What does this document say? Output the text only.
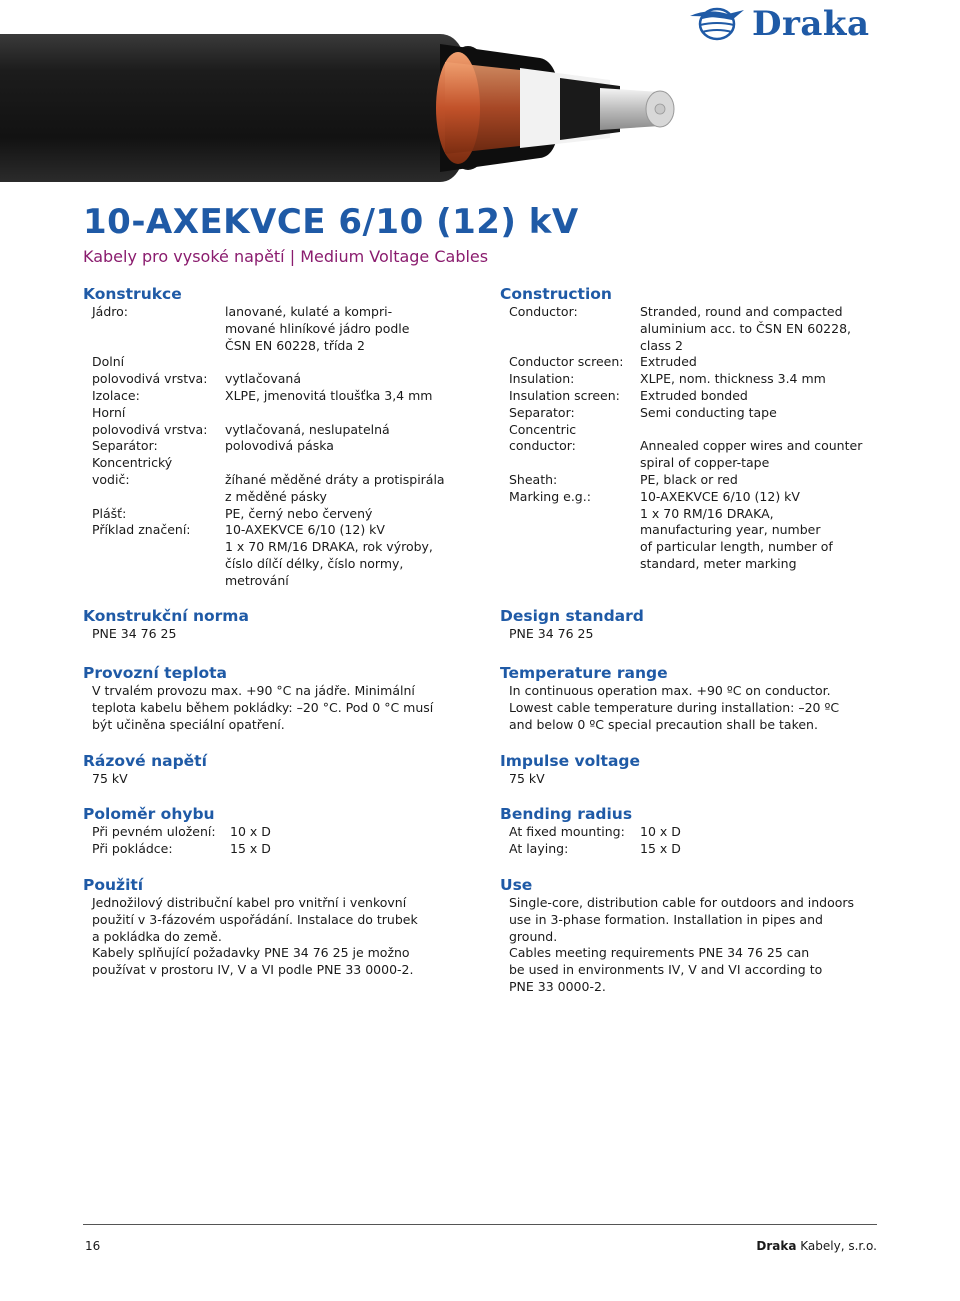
Draka
10-AXEKVCE 6/10 (12) kV
Kabely pro vysoké napětí | Medium Voltage Cables
Konstrukce
Jádro:	lanované, kulaté a kompri-
mované hliníkové jádro podle
ČSN EN 60228, třída 2
Dolní
polovodivá vrstva:	
vytlačovaná
Izolace:	XLPE, jmenovitá tloušťka 3,4 mm
Horní
polovodivá vrstva:	
vytlačovaná, neslupatelná
Separátor:	polovodivá páska
Koncentrický
vodič:	
žíhané měděné dráty a protispirála
z měděné pásky
Plášť:	PE, černý nebo červený
Příklad značení:	10-AXEKVCE 6/10 (12) kV
1 x 70 RM/16 DRAKA, rok výroby,
číslo dílčí délky, číslo normy,
metrování
Konstrukční norma
PNE 34 76 25
Provozní teplota
V trvalém provozu max. +90 °C na jádře. Minimální
teplota kabelu během pokládky: –20 °C. Pod 0 °C musí
být učiněna speciální opatření.
Rázové napětí
75 kV
Poloměr ohybu
Při pevném uložení:	10 x D
Při pokládce:	15 x D
Použití
Jednožilový distribuční kabel pro vnitřní i venkovní
použití v 3-fázovém uspořádání. Instalace do trubek
a pokládka do země.
Kabely splňující požadavky PNE 34 76 25 je možno
používat v prostoru IV, V a VI podle PNE 33 0000-2.
Construction
Conductor:	Stranded, round and compacted
aluminium acc. to ČSN EN 60228,
class 2
Conductor screen:	Extruded
Insulation:	XLPE, nom. thickness 3.4 mm
Insulation screen:	Extruded bonded
Separator:	Semi conducting tape
Concentric
conductor:	
Annealed copper wires and counter
spiral of copper-tape
Sheath:	PE, black or red
Marking e.g.:	10-AXEKVCE 6/10 (12) kV
1 x 70 RM/16 DRAKA,
manufacturing year, number
of particular length, number of
standard, meter marking
Design standard
PNE 34 76 25
Temperature range
In continuous operation max. +90 ºC on conductor.
Lowest cable temperature during installation: –20 ºC
and below 0 ºC special precaution shall be taken.
Impulse voltage
75 kV
Bending radius
At fixed mounting:	10 x D
At laying:	15 x D
Use
Single-core, distribution cable for outdoors and indoors
use in 3-phase formation. Installation in pipes and
ground.
Cables meeting requirements PNE 34 76 25 can
be used in environments IV, V and VI according to
PNE 33 0000-2.
16	Draka Kabely, s.r.o.
